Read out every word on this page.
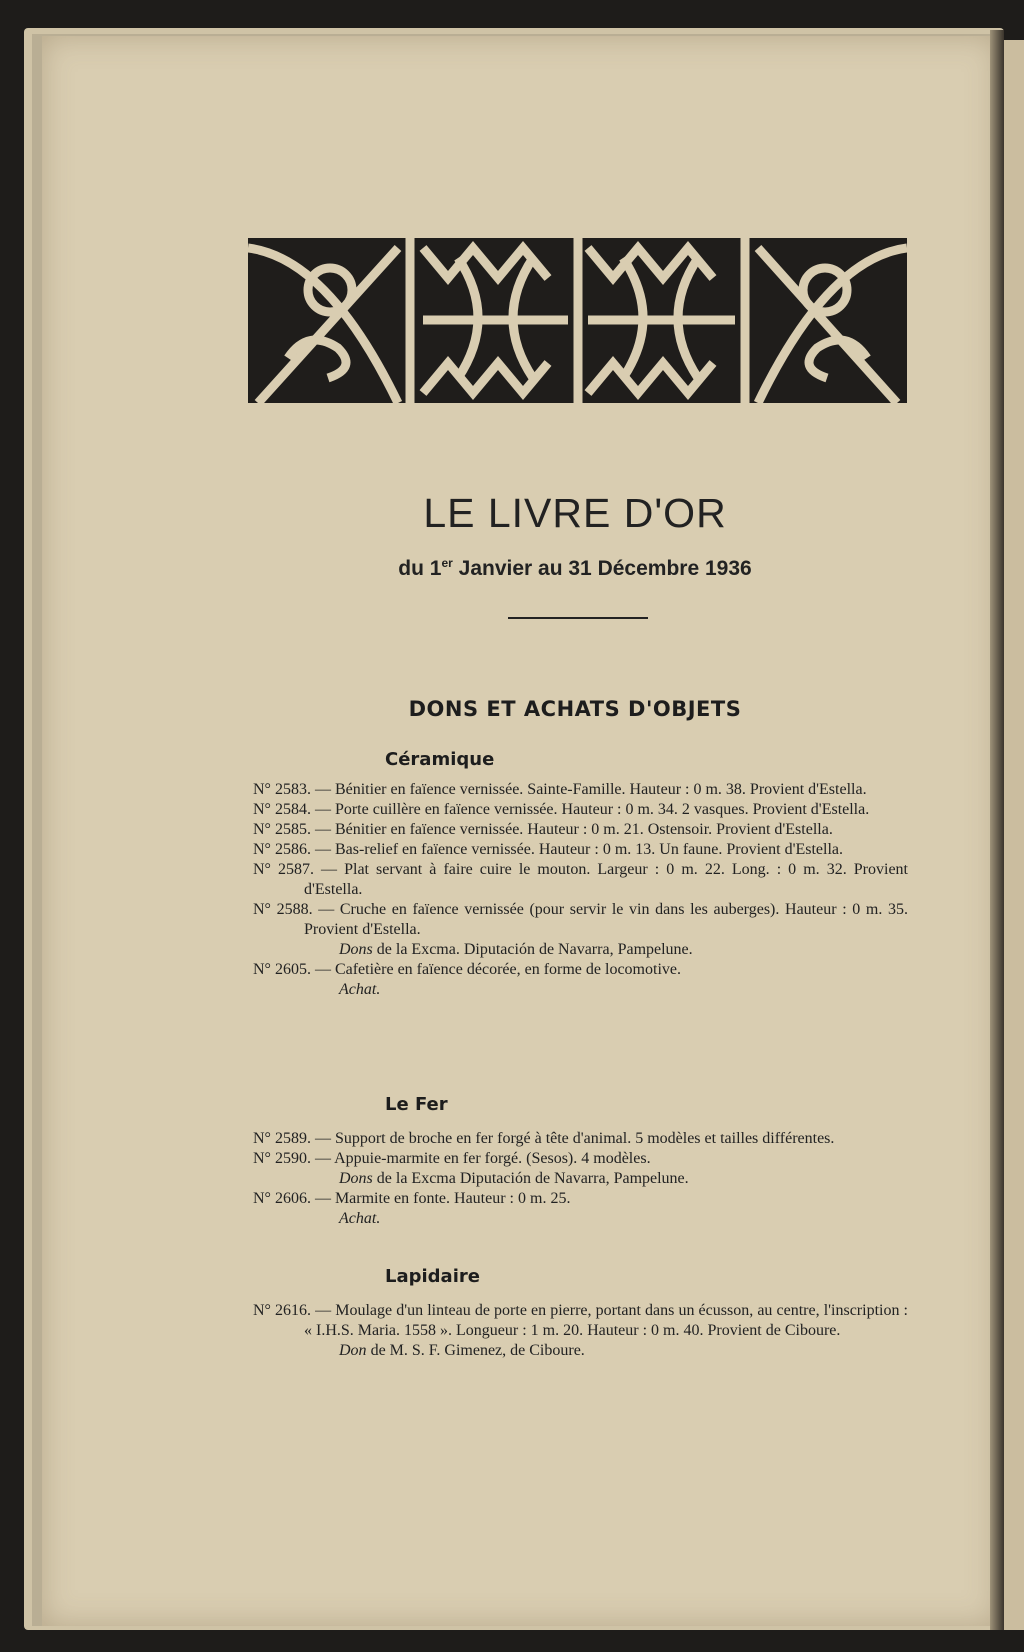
LE LIVRE D'OR
du 1er Janvier au 31 Décembre 1936
DONS ET ACHATS D'OBJETS
Céramique
N° 2583. — Bénitier en faïence vernissée. Sainte-Famille. Hauteur : 0 m. 38. Provient d'Estella.
N° 2584. — Porte cuillère en faïence vernissée. Hauteur : 0 m. 34. 2 vasques. Provient d'Estella.
N° 2585. — Bénitier en faïence vernissée. Hauteur : 0 m. 21. Ostensoir. Provient d'Estella.
N° 2586. — Bas-relief en faïence vernissée. Hauteur : 0 m. 13. Un faune. Provient d'Estella.
N° 2587. — Plat servant à faire cuire le mouton. Largeur : 0 m. 22. Long. : 0 m. 32. Provient d'Estella.
N° 2588. — Cruche en faïence vernissée (pour servir le vin dans les auberges). Hauteur : 0 m. 35. Provient d'Estella.
Dons de la Excma. Diputación de Navarra, Pampelune.
N° 2605. — Cafetière en faïence décorée, en forme de locomotive.
Achat.
Le Fer
N° 2589. — Support de broche en fer forgé à tête d'animal. 5 modèles et tailles différentes.
N° 2590. — Appuie-marmite en fer forgé. (Sesos). 4 modèles.
Dons de la Excma Diputación de Navarra, Pampelune.
N° 2606. — Marmite en fonte. Hauteur : 0 m. 25.
Achat.
Lapidaire
N° 2616. — Moulage d'un linteau de porte en pierre, portant dans un écusson, au centre, l'inscription : « I.H.S. Maria. 1558 ». Longueur : 1 m. 20. Hauteur : 0 m. 40. Provient de Ciboure.
Don de M. S. F. Gimenez, de Ciboure.
